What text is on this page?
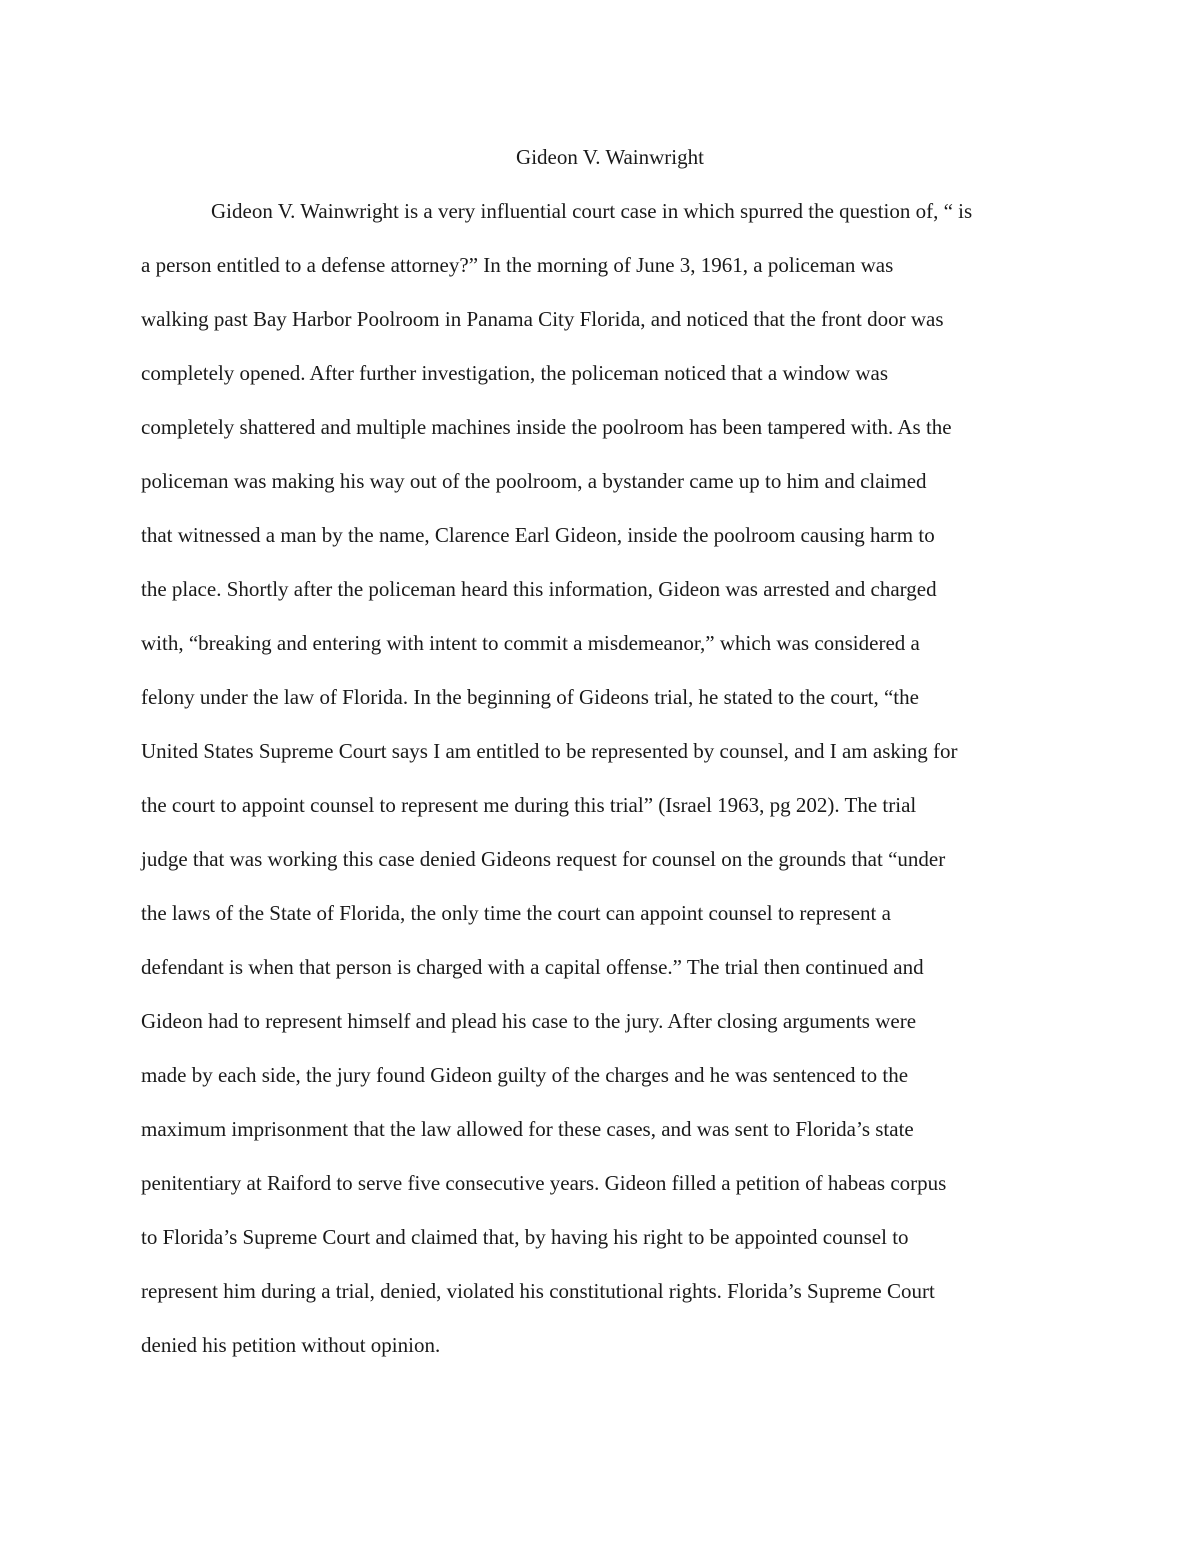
Gideon V. Wainwright

Gideon V. Wainwright is a very influential court case in which spurred the question of, “ is

a person entitled to a defense attorney?” In the morning of June 3, 1961, a policeman was

walking past Bay Harbor Poolroom in Panama City Florida, and noticed that the front door was

completely opened. After further investigation, the policeman noticed that a window was

completely shattered and multiple machines inside the poolroom has been tampered with. As the

policeman was making his way out of the poolroom, a bystander came up to him and claimed

that witnessed a man by the name, Clarence Earl Gideon, inside the poolroom causing harm to

the place. Shortly after the policeman heard this information, Gideon was arrested and charged

with, “breaking and entering with intent to commit a misdemeanor,” which was considered a

felony under the law of Florida. In the beginning of Gideons trial, he stated to the court, “the

United States Supreme Court says I am entitled to be represented by counsel, and I am asking for

the court to appoint counsel to represent me during this trial” (Israel 1963, pg 202). The trial

judge that was working this case denied Gideons request for counsel on the grounds that “under

the laws of the State of Florida, the only time the court can appoint counsel to represent a

defendant is when that person is charged with a capital offense.” The trial then continued and

Gideon had to represent himself and plead his case to the jury. After closing arguments were

made by each side, the jury found Gideon guilty of the charges and he was sentenced to the

maximum imprisonment that the law allowed for these cases, and was sent to Florida’s state

penitentiary at Raiford to serve five consecutive years. Gideon filled a petition of habeas corpus

to Florida’s Supreme Court and claimed that, by having his right to be appointed counsel to

represent him during a trial, denied, violated his constitutional rights. Florida’s Supreme Court

denied his petition without opinion.
